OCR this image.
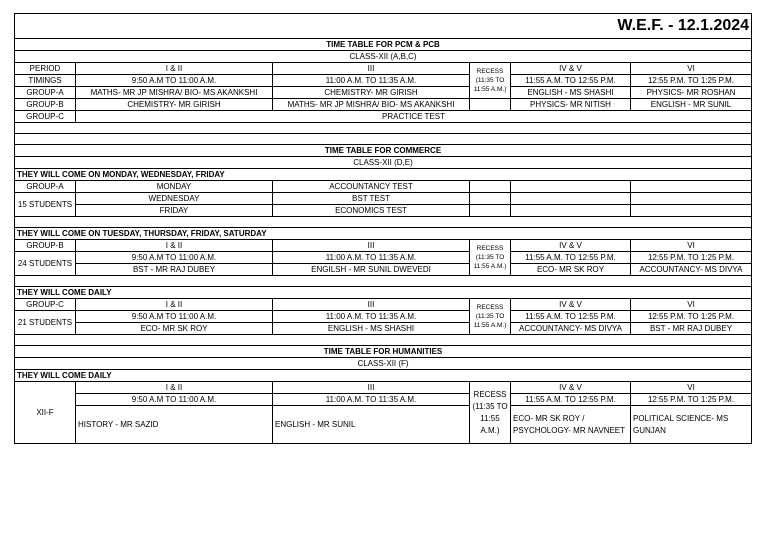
W.E.F. - 12.1.2024					
TIME TABLE FOR PCM & PCB					
CLASS-XII (A,B,C)					
PERIOD	I & II	III	RECESS (11:35 TO 11:55 A.M.)	IV & V	VI
TIMINGS	9:50 A.M TO 11:00 A.M.	11:00 A.M. TO 11:35 A.M.		11:55 A.M. TO 12:55 P.M.	12:55 P.M. TO 1:25 P.M.
GROUP-A	MATHS- MR JP MISHRA/ BIO- MS AKANKSHI	CHEMISTRY- MR GIRISH		ENGLISH - MS SHASHI	PHYSICS- MR ROSHAN
GROUP-B	CHEMISTRY- MR GIRISH	MATHS- MR JP MISHRA/ BIO- MS AKANKSHI		PHYSICS- MR NITISH	ENGLISH - MR SUNIL
GROUP-C	PRACTICE TEST				

TIME TABLE FOR COMMERCE					
CLASS-XII (D,E)					
THEY WILL COME ON MONDAY, WEDNESDAY, FRIDAY					
GROUP-A	MONDAY	ACCOUNTANCY TEST			
15 STUDENTS	WEDNESDAY	BST TEST			
	FRIDAY	ECONOMICS TEST			

THEY WILL COME ON TUESDAY, THURSDAY, FRIDAY, SATURDAY					
GROUP-B	I & II	III	RECESS (11:35 TO 11:55 A.M.)	IV & V	VI
24 STUDENTS	9:50 A.M TO 11:00 A.M.	11:00 A.M. TO 11:35 A.M.		11:55 A.M. TO 12:55 P.M.	12:55 P.M. TO 1:25 P.M.
	BST - MR RAJ DUBEY	ENGILSH - MR SUNIL DWEVEDI		ECO- MR SK ROY	ACCOUNTANCY- MS DIVYA

THEY WILL COME DAILY					
GROUP-C	I & II	III	RECESS (11:35 TO 11:55 A.M.)	IV & V	VI
21 STUDENTS	9:50 A.M TO 11:00 A.M.	11:00 A.M. TO 11:35 A.M.		11:55 A.M. TO 12:55 P.M.	12:55 P.M. TO 1:25 P.M.
	ECO- MR SK ROY	ENGLISH - MS SHASHI		ACCOUNTANCY- MS DIVYA	BST - MR RAJ DUBEY

TIME TABLE FOR HUMANITIES					
CLASS-XII (F)					
THEY WILL COME DAILY					
XII-F	I & II	III	RECESS (11:35 TO 11:55 A.M.)	IV & V	VI
	9:50 A.M TO 11:00 A.M.	11:00 A.M. TO 11:35 A.M.		11:55 A.M. TO 12:55 P.M.	12:55 P.M. TO 1:25 P.M.
	HISTORY - MR SAZID	ENGLISH - MR SUNIL		ECO- MR SK ROY / PSYCHOLOGY- MR NAVNEET	POLITICAL SCIENCE- MS GUNJAN
